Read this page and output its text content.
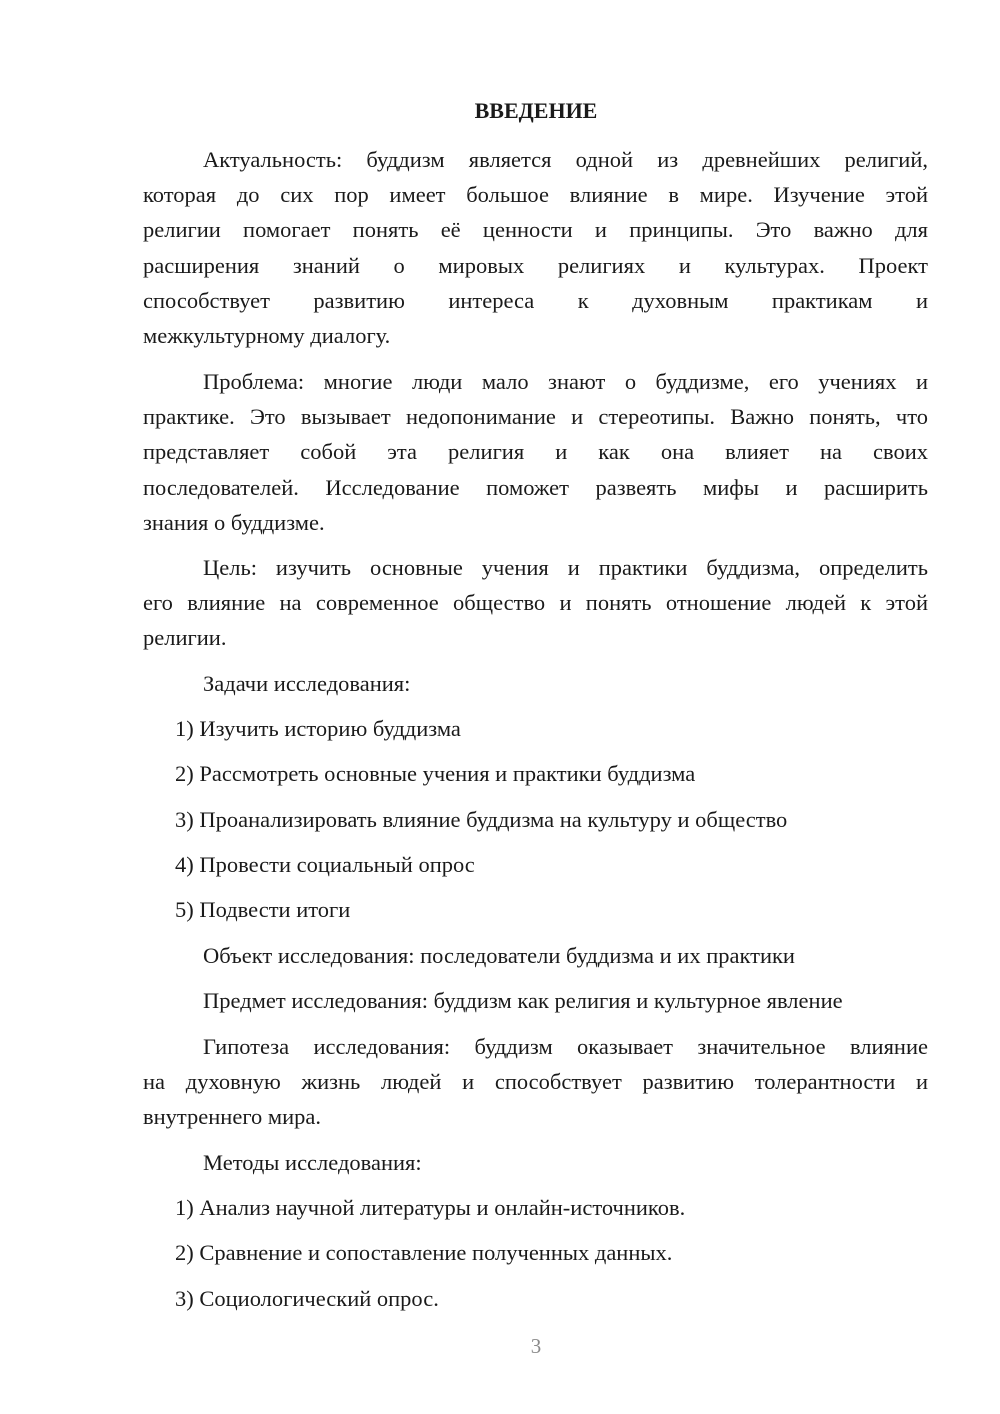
ВВЕДЕНИЕ
Актуальность: буддизм является одной из древнейших религий,
которая до сих пор имеет большое влияние в мире. Изучение этой
религии помогает понять её ценности и принципы. Это важно для
расширения знаний о мировых религиях и культурах. Проект
способствует развитию интереса к духовным практикам и
межкультурному диалогу.
Проблема: многие люди мало знают о буддизме, его учениях и
практике. Это вызывает недопонимание и стереотипы. Важно понять, что
представляет собой эта религия и как она влияет на своих
последователей. Исследование поможет развеять мифы и расширить
знания о буддизме.
Цель: изучить основные учения и практики буддизма, определить
его влияние на современное общество и понять отношение людей к этой
религии.
Задачи исследования:
1) Изучить историю буддизма
2) Рассмотреть основные учения и практики буддизма
3) Проанализировать влияние буддизма на культуру и общество
4) Провести социальный опрос
5) Подвести итоги
Объект исследования: последователи буддизма и их практики
Предмет исследования: буддизм как религия и культурное явление
Гипотеза исследования: буддизм оказывает значительное влияние
на духовную жизнь людей и способствует развитию толерантности и
внутреннего мира.
Методы исследования:
1) Анализ научной литературы и онлайн-источников.
2) Сравнение и сопоставление полученных данных.
3) Социологический опрос.
3
